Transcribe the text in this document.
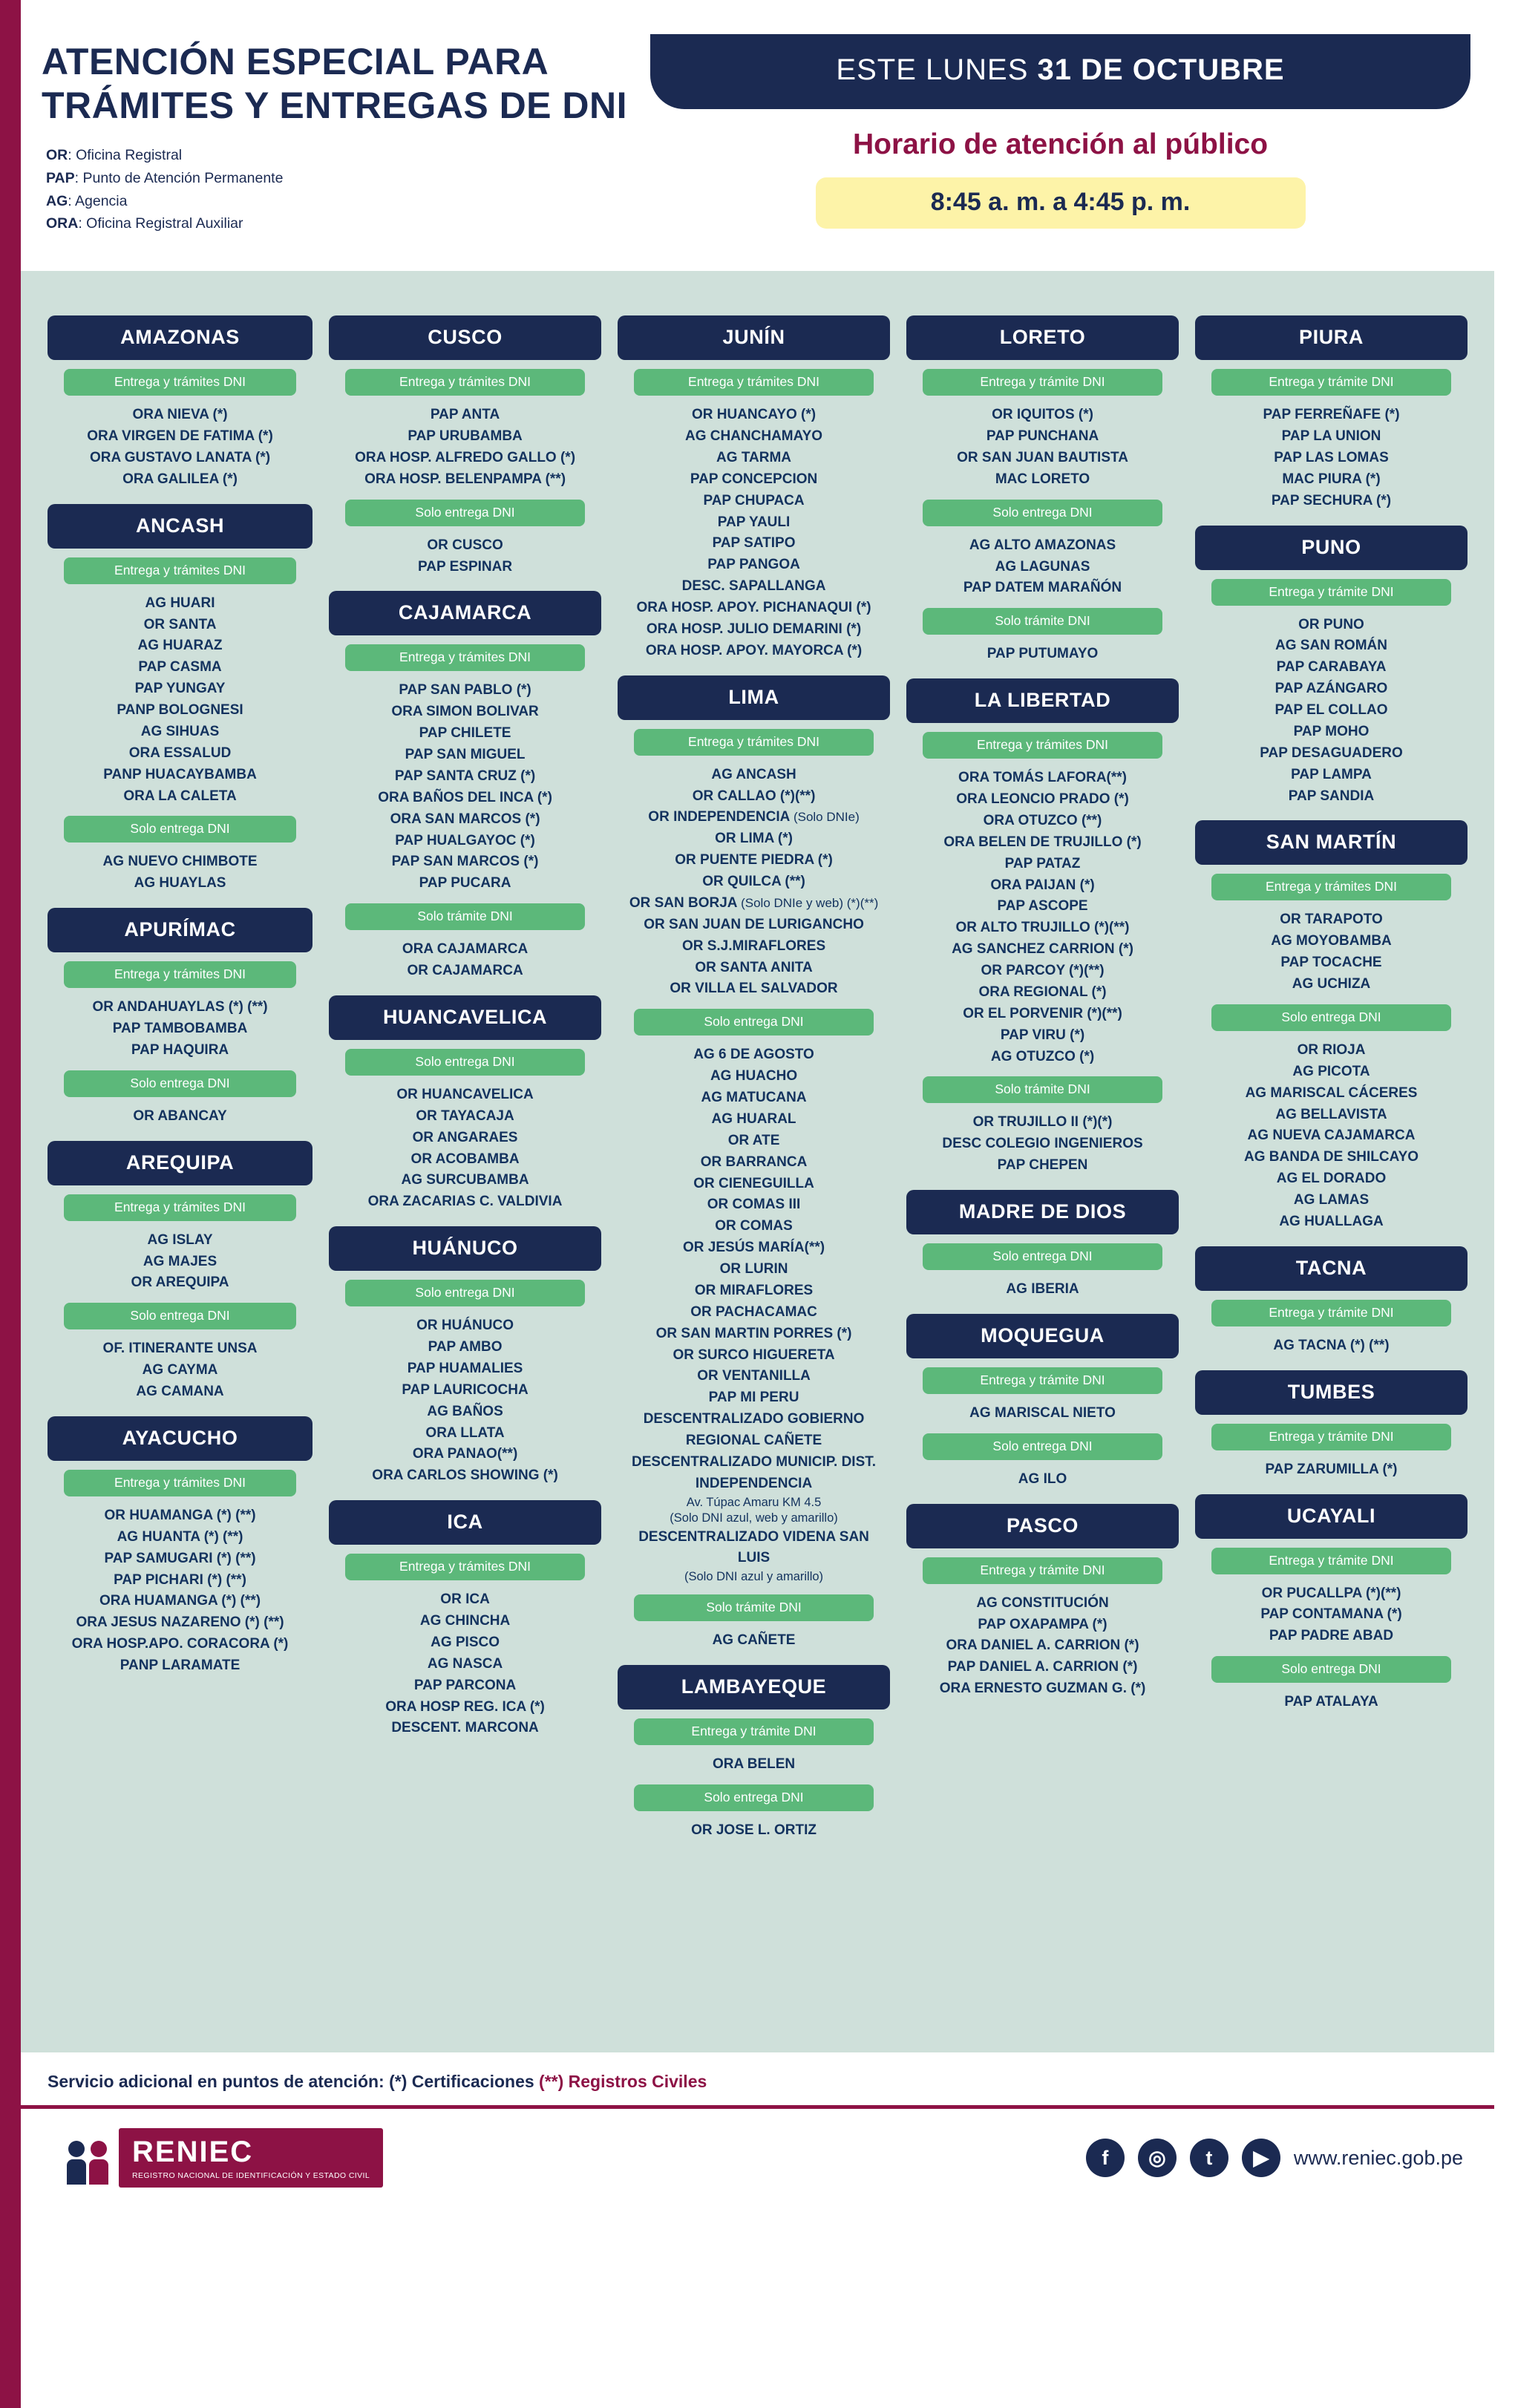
ATENCIÓN ESPECIAL PARA TRÁMITES Y ENTREGAS DE DNI
OR: Oficina Registral
PAP: Punto de Atención Permanente
AG: Agencia
ORA: Oficina Registral Auxiliar
ESTE LUNES 31 DE OCTUBRE
Horario de atención al público
8:45 a. m. a 4:45 p. m.
AMAZONAS
Entrega y trámites DNI
ORA NIEVA (*)
ORA VIRGEN DE FATIMA (*)
ORA GUSTAVO LANATA (*)
ORA GALILEA (*)
ANCASH
Entrega y trámites DNI
AG HUARI
OR SANTA
AG HUARAZ
PAP CASMA
PAP YUNGAY
PANP BOLOGNESI
AG SIHUAS
ORA ESSALUD
PANP HUACAYBAMBA
ORA LA CALETA
Solo entrega DNI
AG NUEVO CHIMBOTE
AG HUAYLAS
APURÍMAC
Entrega y trámites DNI
OR ANDAHUAYLAS (*) (**)
PAP TAMBOBAMBA
PAP HAQUIRA
Solo entrega DNI
OR ABANCAY
AREQUIPA
Entrega y trámites DNI
AG ISLAY
AG MAJES
OR AREQUIPA
Solo entrega DNI
OF. ITINERANTE UNSA
AG CAYMA
AG CAMANA
AYACUCHO
Entrega y trámites DNI
OR HUAMANGA (*) (**)
AG HUANTA (*) (**)
PAP SAMUGARI (*) (**)
PAP PICHARI (*) (**)
ORA HUAMANGA (*) (**)
ORA JESUS NAZARENO (*) (**)
ORA HOSP.APO. CORACORA (*)
PANP LARAMATE
CUSCO
Entrega y trámites DNI
PAP ANTA
PAP URUBAMBA
ORA HOSP. ALFREDO GALLO (*)
ORA HOSP. BELENPAMPA (**)
Solo entrega DNI
OR CUSCO
PAP ESPINAR
CAJAMARCA
Entrega y trámites DNI
PAP SAN PABLO (*)
ORA SIMON BOLIVAR
PAP CHILETE
PAP SAN MIGUEL
PAP SANTA CRUZ (*)
ORA BAÑOS DEL INCA (*)
ORA SAN MARCOS (*)
PAP HUALGAYOC (*)
PAP SAN MARCOS (*)
PAP PUCARA
Solo trámite DNI
ORA CAJAMARCA
OR CAJAMARCA
HUANCAVELICA
Solo entrega DNI
OR HUANCAVELICA
OR TAYACAJA
OR ANGARAES
OR ACOBAMBA
AG SURCUBAMBA
ORA ZACARIAS C. VALDIVIA
HUÁNUCO
Solo entrega DNI
OR HUÁNUCO
PAP AMBO
PAP HUAMALIES
PAP LAURICOCHA
AG BAÑOS
ORA LLATA
ORA PANAO(**)
ORA CARLOS SHOWING (*)
ICA
Entrega y trámites DNI
OR ICA
AG CHINCHA
AG PISCO
AG NASCA
PAP PARCONA
ORA HOSP REG. ICA (*)
DESCENT. MARCONA
JUNÍN
Entrega y trámites DNI
OR HUANCAYO (*)
AG CHANCHAMAYO
AG TARMA
PAP CONCEPCION
PAP CHUPACA
PAP YAULI
PAP SATIPO
PAP PANGOA
DESC. SAPALLANGA
ORA HOSP. APOY. PICHANAQUI (*)
ORA HOSP. JULIO DEMARINI (*)
ORA HOSP. APOY. MAYORCA (*)
LIMA
Entrega y trámites DNI
AG ANCASH
OR CALLAO (*)(**)
OR INDEPENDENCIA (Solo DNIe)
OR LIMA (*)
OR PUENTE PIEDRA (*)
OR QUILCA (**)
OR SAN BORJA (Solo DNIe y web) (*)(**)
OR SAN JUAN DE LURIGANCHO
OR S.J.MIRAFLORES
OR SANTA ANITA
OR VILLA EL SALVADOR
Solo entrega DNI
AG 6 DE AGOSTO
AG HUACHO
AG MATUCANA
AG HUARAL
OR ATE
OR BARRANCA
OR CIENEGUILLA
OR COMAS III
OR COMAS
OR JESÚS MARÍA(**)
OR LURIN
OR MIRAFLORES
OR PACHACAMAC
OR SAN MARTIN PORRES (*)
OR SURCO HIGUERETA
OR VENTANILLA
PAP MI PERU
DESCENTRALIZADO GOBIERNO REGIONAL CAÑETE
DESCENTRALIZADO MUNICIP. DIST. INDEPENDENCIA
Av. Túpac Amaru KM 4.5
(Solo DNI azul, web y amarillo)
DESCENTRALIZADO VIDENA SAN LUIS
(Solo DNI azul y amarillo)
Solo trámite DNI
AG CAÑETE
LAMBAYEQUE
Entrega y trámite DNI
ORA BELEN
Solo entrega DNI
OR JOSE L. ORTIZ
LORETO
Entrega y trámite DNI
OR IQUITOS (*)
PAP PUNCHANA
OR SAN JUAN BAUTISTA
MAC LORETO
Solo entrega DNI
AG ALTO AMAZONAS
AG LAGUNAS
PAP DATEM MARAÑÓN
Solo trámite DNI
PAP PUTUMAYO
LA LIBERTAD
Entrega y trámites DNI
ORA TOMÁS LAFORA(**)
ORA LEONCIO PRADO (*)
ORA OTUZCO (**)
ORA BELEN DE TRUJILLO (*)
PAP PATAZ
ORA PAIJAN (*)
PAP ASCOPE
OR ALTO TRUJILLO (*)(**)
AG SANCHEZ CARRION (*)
OR PARCOY (*)(**)
ORA REGIONAL (*)
OR EL PORVENIR (*)(**)
PAP VIRU (*)
AG OTUZCO (*)
Solo trámite DNI
OR TRUJILLO II (*)(*)
DESC COLEGIO INGENIEROS
PAP CHEPEN
MADRE DE DIOS
Solo entrega DNI
AG IBERIA
MOQUEGUA
Entrega y trámite DNI
AG MARISCAL NIETO
Solo entrega DNI
AG ILO
PASCO
Entrega y trámite DNI
AG CONSTITUCIÓN
PAP OXAPAMPA (*)
ORA DANIEL A. CARRION (*)
PAP DANIEL A. CARRION (*)
ORA ERNESTO GUZMAN G. (*)
PIURA
Entrega y trámite DNI
PAP FERREÑAFE (*)
PAP LA UNION
PAP LAS LOMAS
MAC PIURA (*)
PAP SECHURA (*)
PUNO
Entrega y trámite DNI
OR PUNO
AG SAN ROMÁN
PAP CARABAYA
PAP AZÁNGARO
PAP EL COLLAO
PAP MOHO
PAP DESAGUADERO
PAP LAMPA
PAP SANDIA
SAN MARTÍN
Entrega y trámites DNI
OR TARAPOTO
AG MOYOBAMBA
PAP TOCACHE
AG UCHIZA
Solo entrega DNI
OR RIOJA
AG PICOTA
AG MARISCAL CÁCERES
AG BELLAVISTA
AG NUEVA CAJAMARCA
AG BANDA DE SHILCAYO
AG EL DORADO
AG LAMAS
AG HUALLAGA
TACNA
Entrega y trámite DNI
AG TACNA (*) (**)
TUMBES
Entrega y trámite DNI
PAP ZARUMILLA (*)
UCAYALI
Entrega y trámite DNI
OR PUCALLPA (*)(**)
PAP CONTAMANA (*)
PAP PADRE ABAD
Solo entrega DNI
PAP ATALAYA
Servicio adicional en puntos de atención: (*) Certificaciones (**) Registros Civiles
RENIEC
REGISTRO NACIONAL DE IDENTIFICACIÓN Y ESTADO CIVIL
f	◎	t	▶	www.reniec.gob.pe
